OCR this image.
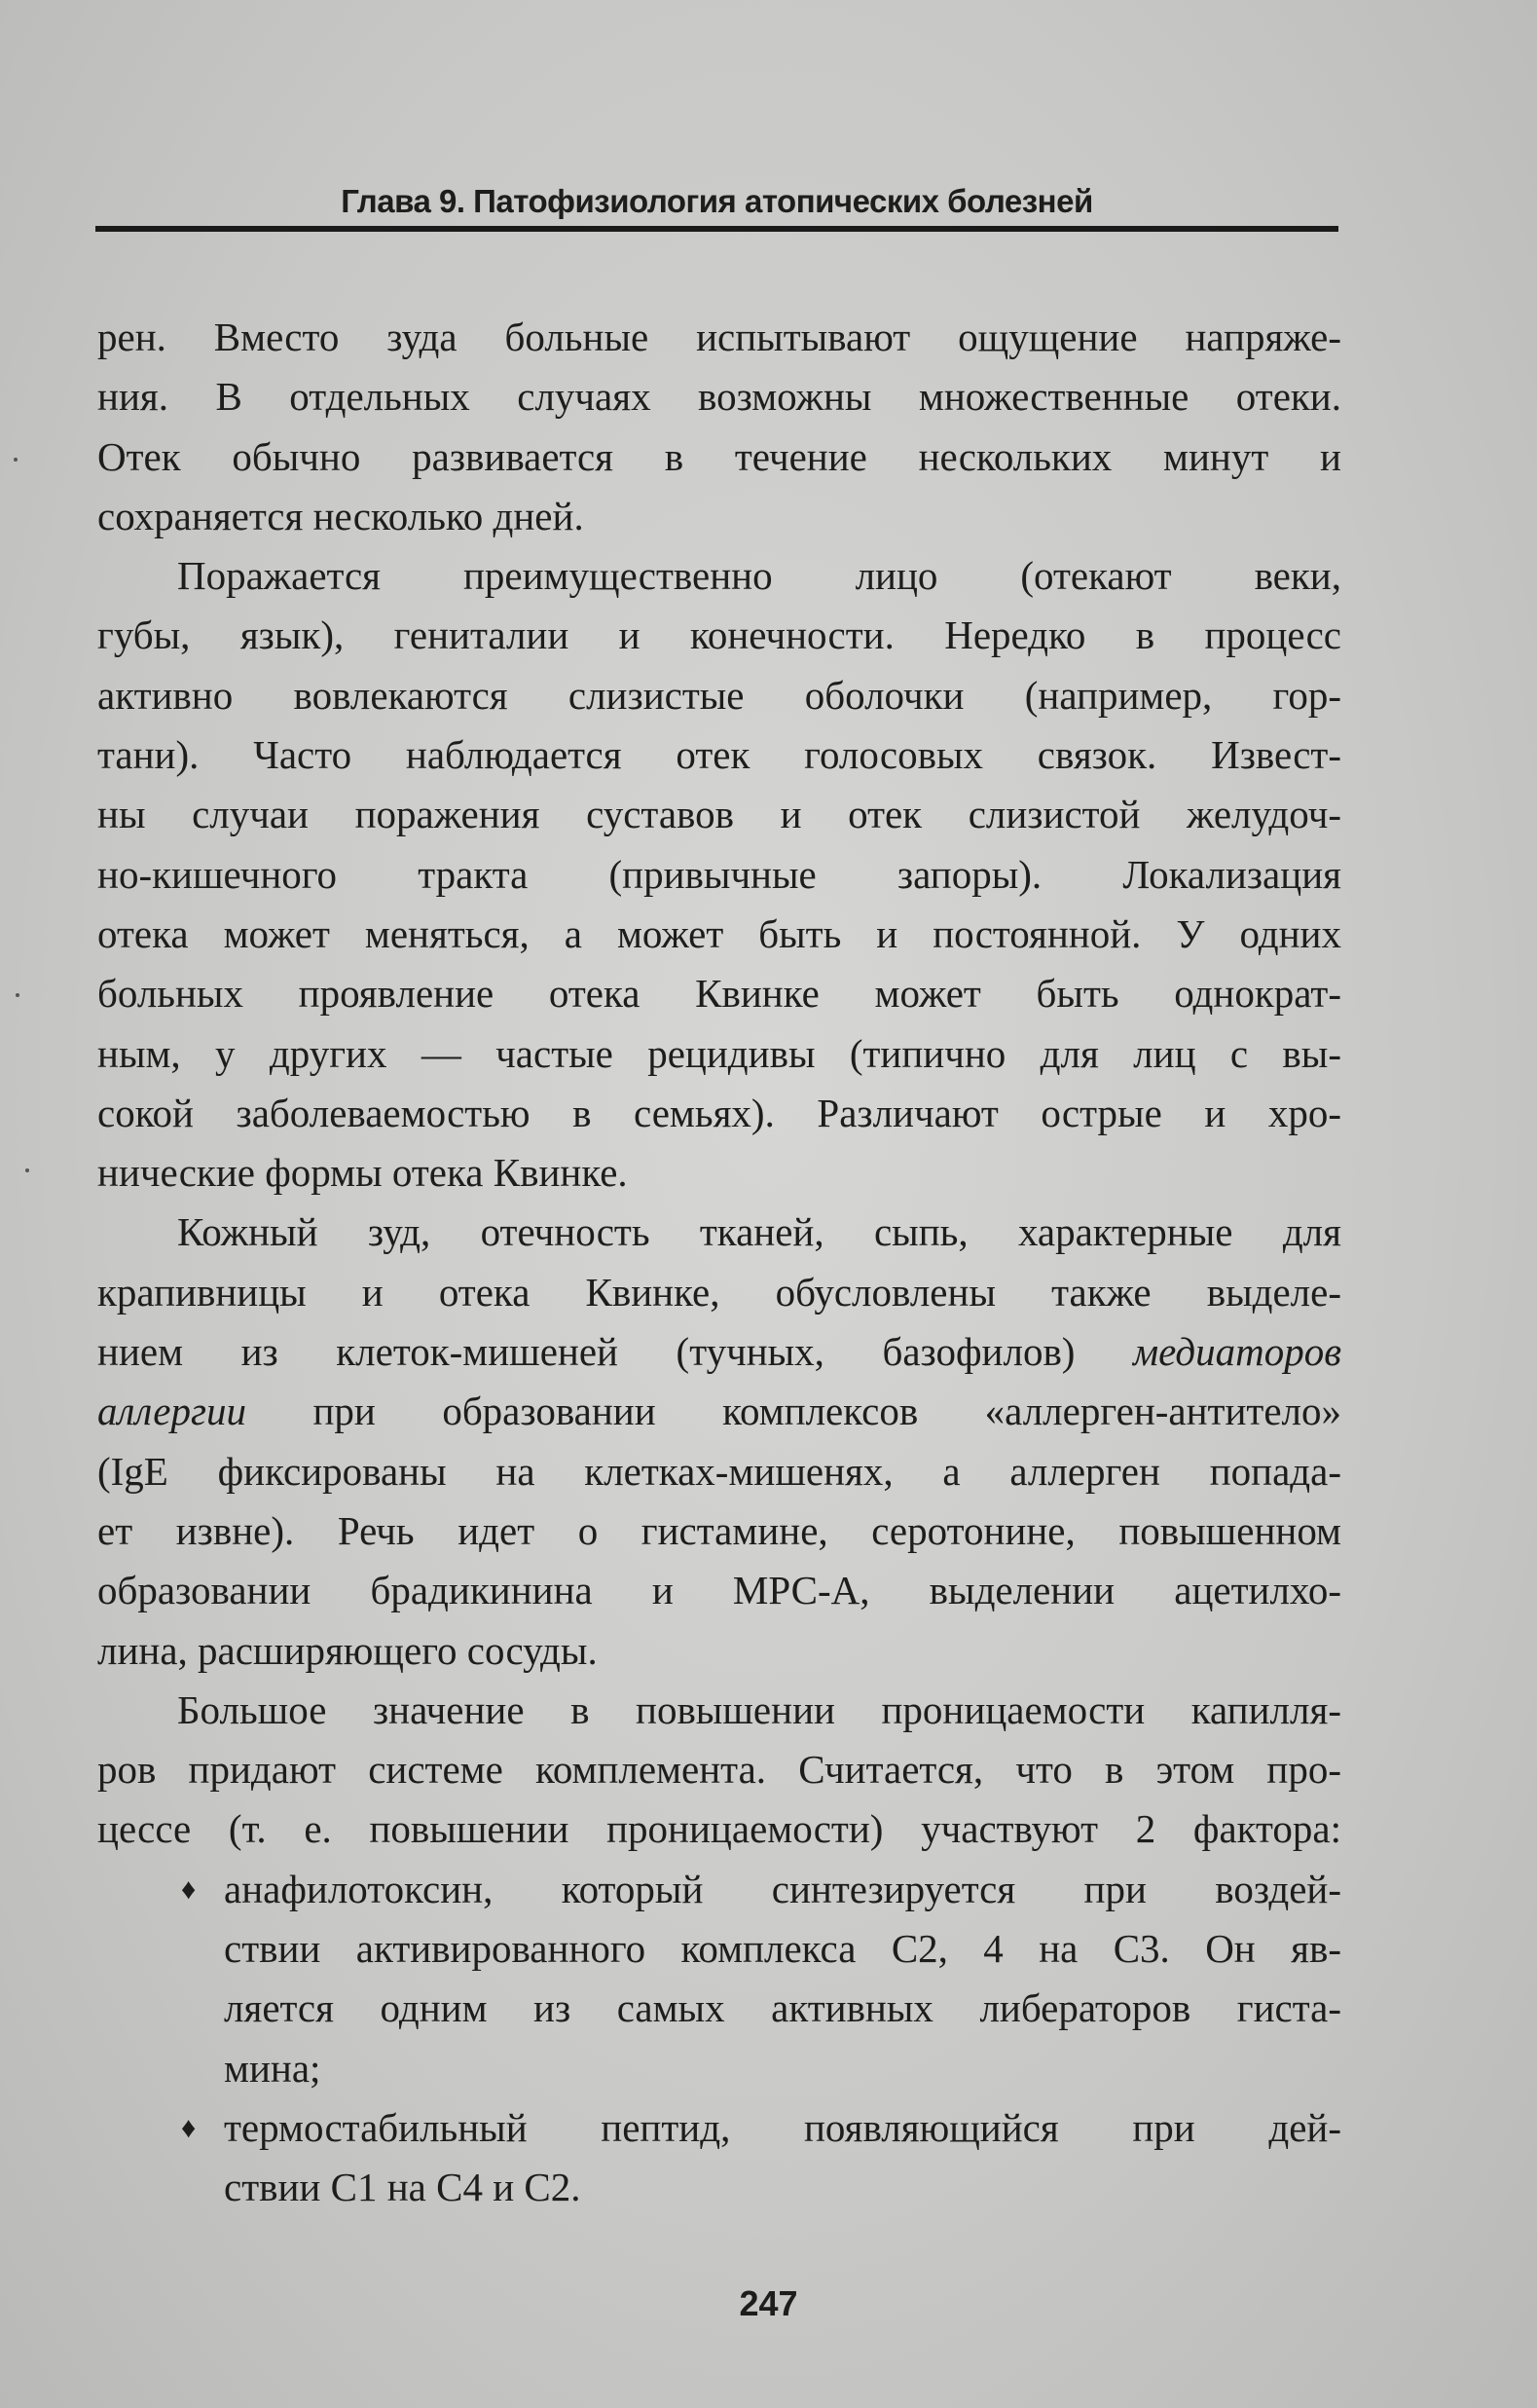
Глава 9. Патофизиология атопических болезней
рен. Вместо зуда больные испытывают ощущение напряже-
ния. В отдельных случаях возможны множественные отеки.
Отек обычно развивается в течение нескольких минут и
сохраняется несколько дней.
Поражается преимущественно лицо (отекают веки,
губы, язык), гениталии и конечности. Нередко в процесс
активно вовлекаются слизистые оболочки (например, гор-
тани). Часто наблюдается отек голосовых связок. Извест-
ны случаи поражения суставов и отек слизистой желудоч-
но-кишечного тракта (привычные запоры). Локализация
отека может меняться, а может быть и постоянной. У одних
больных проявление отека Квинке может быть однократ-
ным, у других — частые рецидивы (типично для лиц с вы-
сокой заболеваемостью в семьях). Различают острые и хро-
нические формы отека Квинке.
Кожный зуд, отечность тканей, сыпь, характерные для
крапивницы и отека Квинке, обусловлены также выделе-
нием из клеток-мишеней (тучных, базофилов) медиаторов
аллергии при образовании комплексов «аллерген-антитело»
(IgE фиксированы на клетках-мишенях, а аллерген попада-
ет извне). Речь идет о гистамине, серотонине, повышенном
образовании брадикинина и МРС-А, выделении ацетилхо-
лина, расширяющего сосуды.
Большое значение в повышении проницаемости капилля-
ров придают системе комплемента. Считается, что в этом про-
цессе (т. е. повышении проницаемости) участвуют 2 фактора:
♦ анафилотоксин, который синтезируется при воздей-
ствии активированного комплекса С2, 4 на С3. Он яв-
ляется одним из самых активных либераторов гиста-
мина;
♦ термостабильный пептид, появляющийся при дей-
ствии С1 на С4 и С2.
247
